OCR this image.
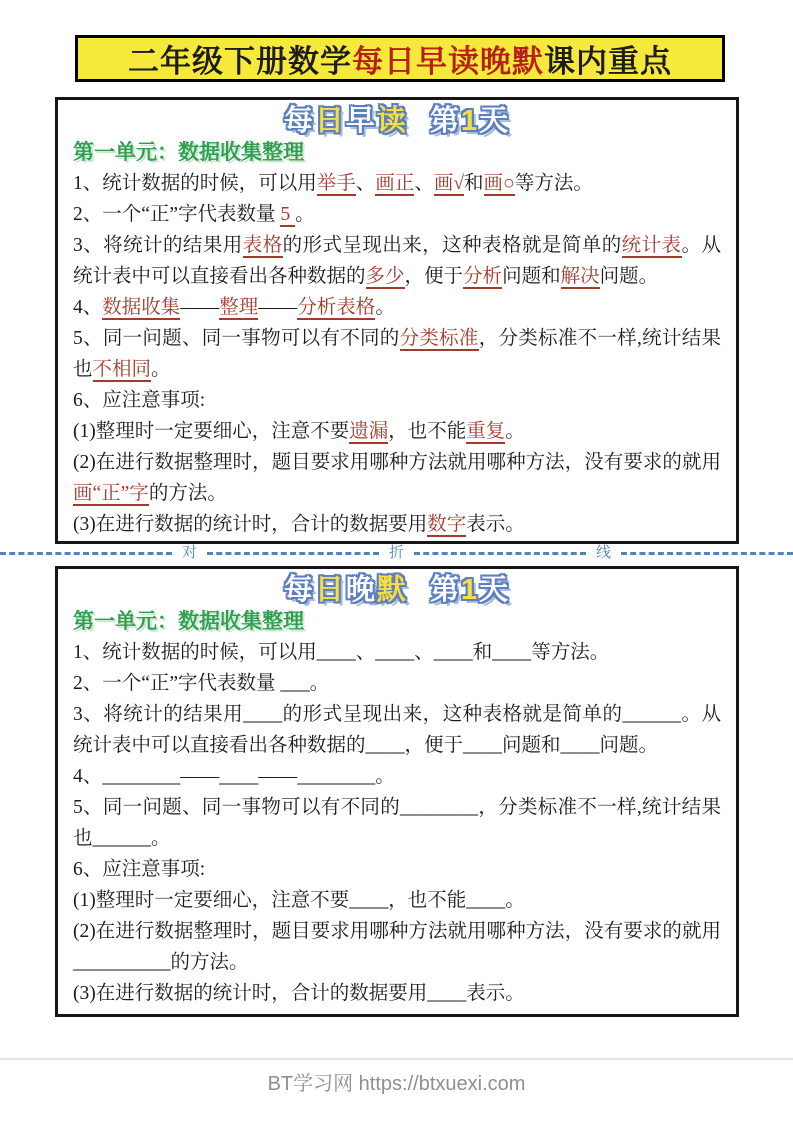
二年级下册数学 每日早读晚默 课内重点
每日早读 第1天
第一单元：数据收集整理
1、统计数据的时候，可以用举手、画正、画√和画○等方法。
2、一个“正”字代表数量 5 。
3、将统计的结果用表格的形式呈现出来，这种表格就是简单的统计表。从统计表中可以直接看出各种数据的多少，便于分析问题和解决问题。
4、数据收集——整理——分析表格。
5、同一问题、同一事物可以有不同的分类标准，分类标准不一样,统计结果也不相同。
6、应注意事项:
(1)整理时一定要细心，注意不要遗漏，也不能重复。
(2)在进行数据整理时，题目要求用哪种方法就用哪种方法，没有要求的就用画“正”字的方法。
(3)在进行数据的统计时，合计的数据要用数字表示。
对	折	线
每日晚默 第1天
第一单元：数据收集整理
1、统计数据的时候，可以用____、____、____和____等方法。
2、一个“正”字代表数量 ___。
3、将统计的结果用____的形式呈现出来，这种表格就是简单的______。从统计表中可以直接看出各种数据的____，便于____问题和____问题。
4、________——____——________。
5、同一问题、同一事物可以有不同的________，分类标准不一样,统计结果也______。
6、应注意事项:
(1)整理时一定要细心，注意不要____，也不能____。
(2)在进行数据整理时，题目要求用哪种方法就用哪种方法，没有要求的就用__________的方法。
(3)在进行数据的统计时，合计的数据要用____表示。
BT学习网 https://btxuexi.com
